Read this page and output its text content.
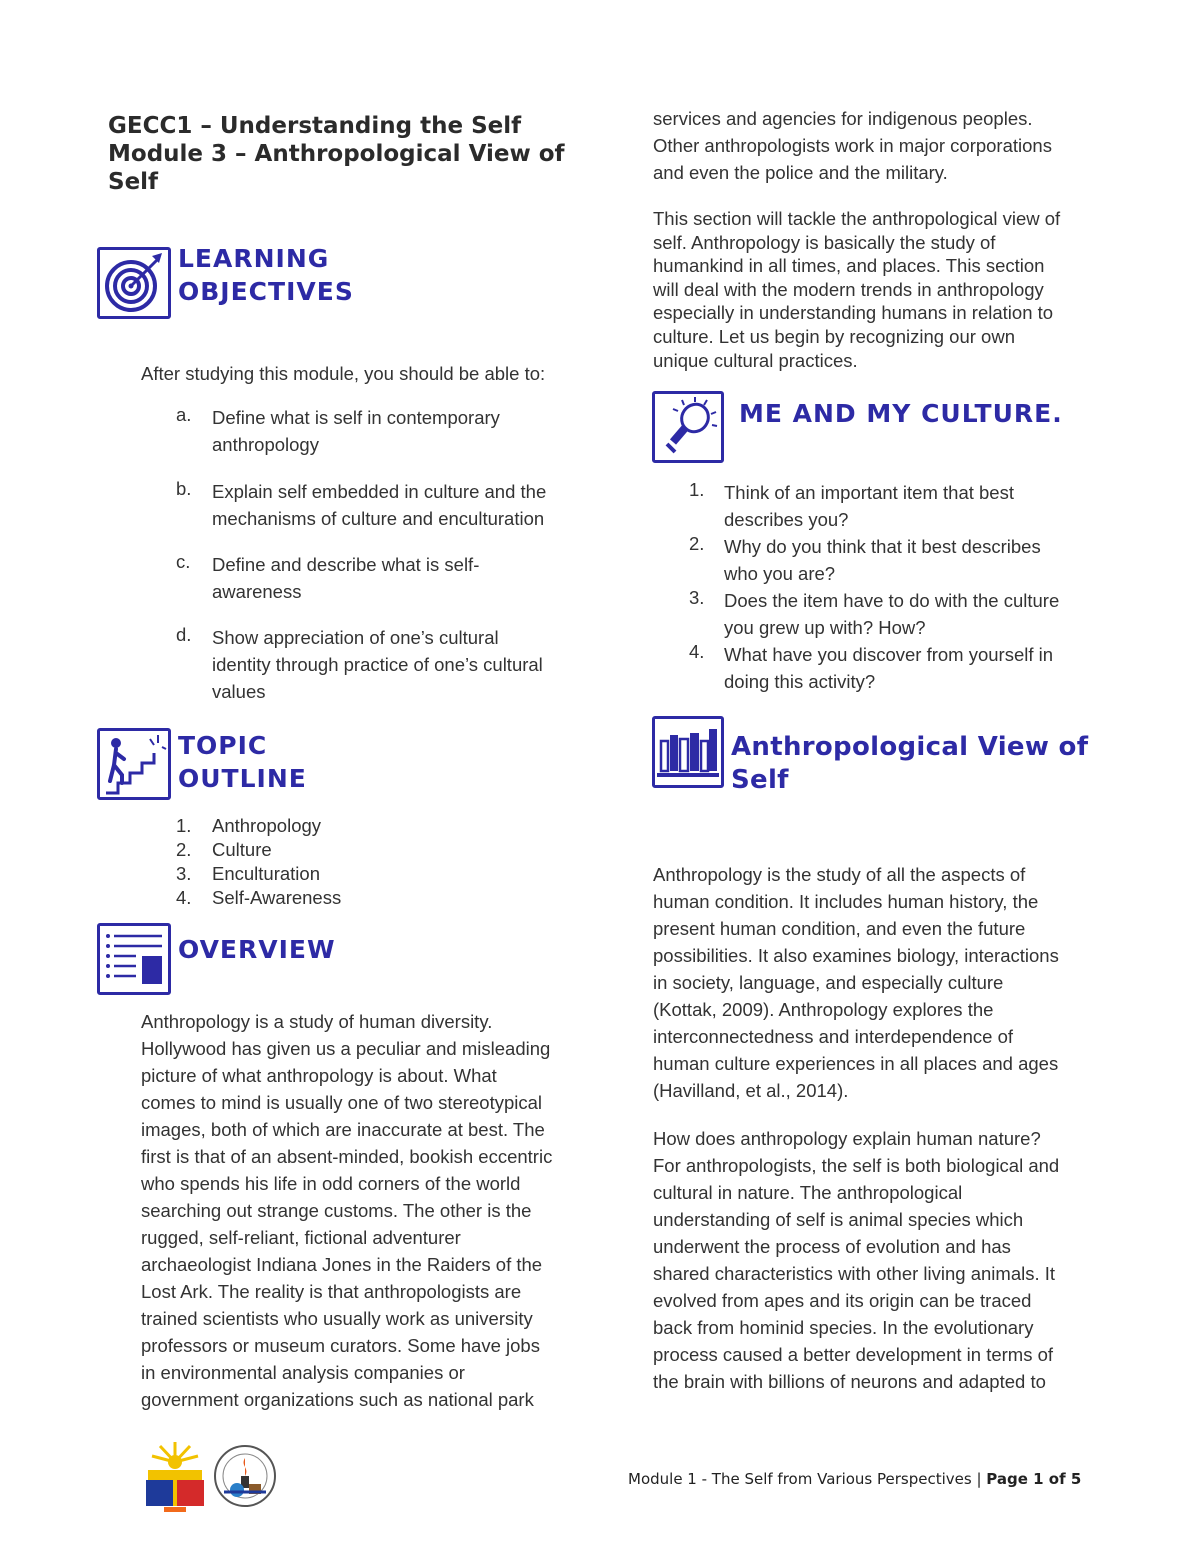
GECC1 – Understanding the Self
Module 3 – Anthropological View of
Self
LEARNING
OBJECTIVES
After studying this module, you should be able to:
a. Define what is self in contemporary
anthropology
b. Explain self embedded in culture and the
mechanisms of culture and enculturation
c. Define and describe what is self-
awareness
d. Show appreciation of one’s cultural
identity through practice of one’s cultural
values
TOPIC
OUTLINE
1. Anthropology
2. Culture
3. Enculturation
4. Self-Awareness
OVERVIEW
Anthropology is a study of human diversity.
Hollywood has given us a peculiar and misleading
picture of what anthropology is about. What
comes to mind is usually one of two stereotypical
images, both of which are inaccurate at best. The
first is that of an absent-minded, bookish eccentric
who spends his life in odd corners of the world
searching out strange customs. The other is the
rugged, self-reliant, fictional adventurer
archaeologist Indiana Jones in the Raiders of the
Lost Ark. The reality is that anthropologists are
trained scientists who usually work as university
professors or museum curators. Some have jobs
in environmental analysis companies or
government organizations such as national park
services and agencies for indigenous peoples.
Other anthropologists work in major corporations
and even the police and the military.
This section will tackle the anthropological view of
self. Anthropology is basically the study of
humankind in all times, and places. This section
will deal with the modern trends in anthropology
especially in understanding humans in relation to
culture. Let us begin by recognizing our own
unique cultural practices.
ME AND MY CULTURE.
1. Think of an important item that best
describes you?
2. Why do you think that it best describes
who you are?
3. Does the item have to do with the culture
you grew up with? How?
4. What have you discover from yourself in
doing this activity?
Anthropological View of
Self
Anthropology is the study of all the aspects of
human condition. It includes human history, the
present human condition, and even the future
possibilities. It also examines biology, interactions
in society, language, and especially culture
(Kottak, 2009). Anthropology explores the
interconnectedness and interdependence of
human culture experiences in all places and ages
(Havilland, et al., 2014).
How does anthropology explain human nature?
For anthropologists, the self is both biological and
cultural in nature. The anthropological
understanding of self is animal species which
underwent the process of evolution and has
shared characteristics with other living animals. It
evolved from apes and its origin can be traced
back from hominid species. In the evolutionary
process caused a better development in terms of
the brain with billions of neurons and adapted to
Module 1 - The Self from Various Perspectives | Page 1 of 5
